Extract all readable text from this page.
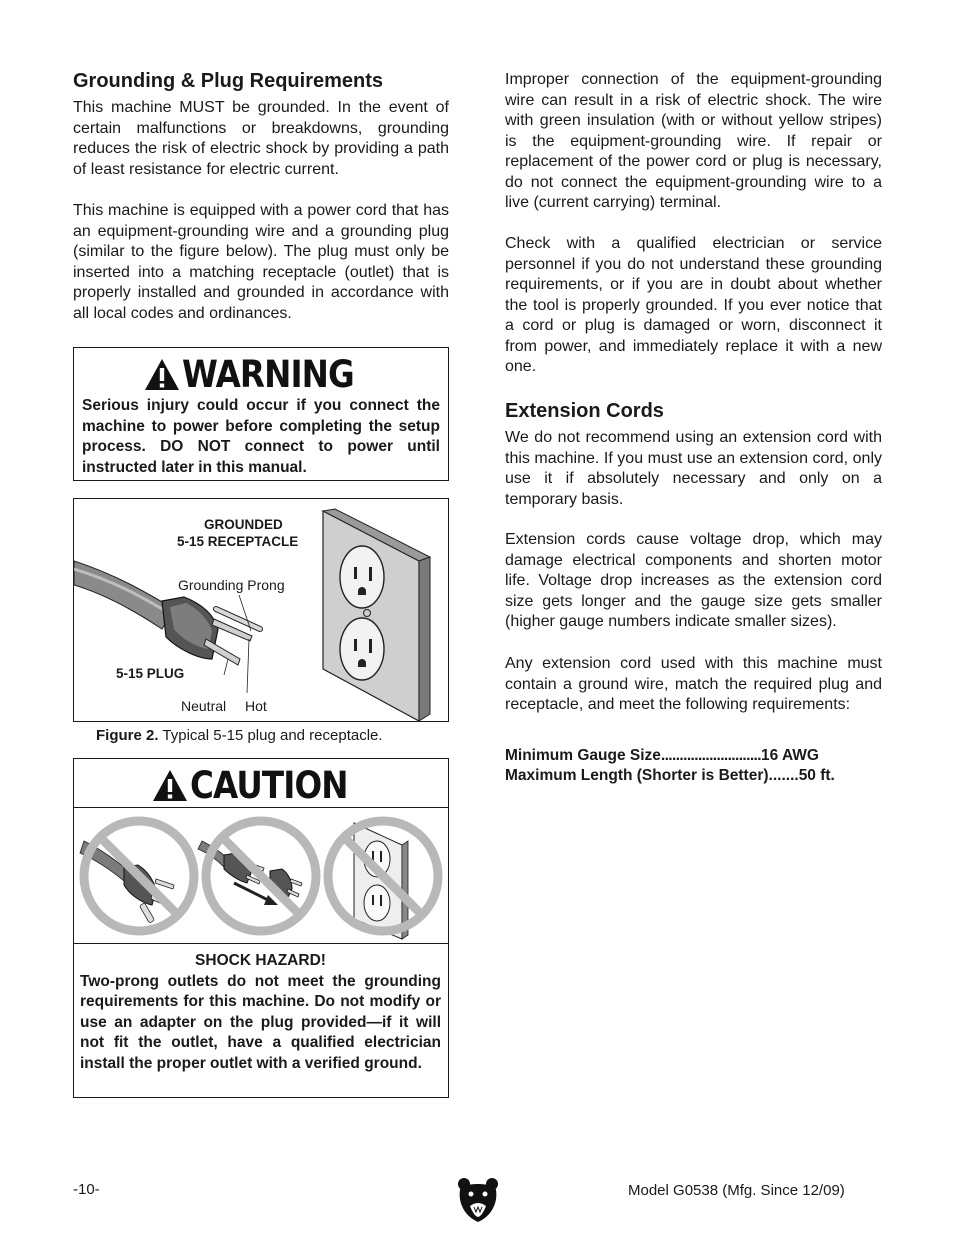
Grounding & Plug Requirements

This machine MUST be grounded. In the event of certain malfunctions or breakdowns, grounding reduces the risk of electric shock by providing a path of least resistance for electric current.

This machine is equipped with a power cord that has an equipment-grounding wire and a grounding plug (similar to the figure below). The plug must only be inserted into a matching receptacle (outlet) that is properly installed and grounded in accordance with all local codes and ordinances.

WARNING

Serious injury could occur if you connect the machine to power before completing the setup process. DO NOT connect to power until instructed later in this manual.

GROUNDED
5-15 RECEPTACLE
Grounding Prong
5-15 PLUG
Neutral Hot
Figure 2. Typical 5-15 plug and receptacle.
CAUTION
SHOCK HAZARD!
Two-prong outlets do not meet the grounding requirements for this machine. Do not modify or use an adapter on the plug provided—if it will not fit the outlet, have a qualified electrician install the proper outlet with a verified ground.

Improper connection of the equipment-grounding wire can result in a risk of electric shock. The wire with green insulation (with or without yellow stripes) is the equipment-grounding wire. If repair or replacement of the power cord or plug is necessary, do not connect the equipment-grounding wire to a live (current carrying) terminal.

Check with a qualified electrician or service personnel if you do not understand these grounding requirements, or if you are in doubt about whether the tool is properly grounded. If you ever notice that a cord or plug is damaged or worn, disconnect it from power, and immediately replace it with a new one.

Extension Cords

We do not recommend using an extension cord with this machine. If you must use an extension cord, only use it if absolutely necessary and only on a temporary basis.

Extension cords cause voltage drop, which may damage electrical components and shorten motor life. Voltage drop increases as the extension cord size gets longer and the gauge size gets smaller (higher gauge numbers indicate smaller sizes).

Any extension cord used with this machine must contain a ground wire, match the required plug and receptacle, and meet the following requirements:

Minimum Gauge Size...........................16 AWG
Maximum Length (Shorter is Better).......50 ft.
-10-	Model G0538 (Mfg. Since 12/09)
